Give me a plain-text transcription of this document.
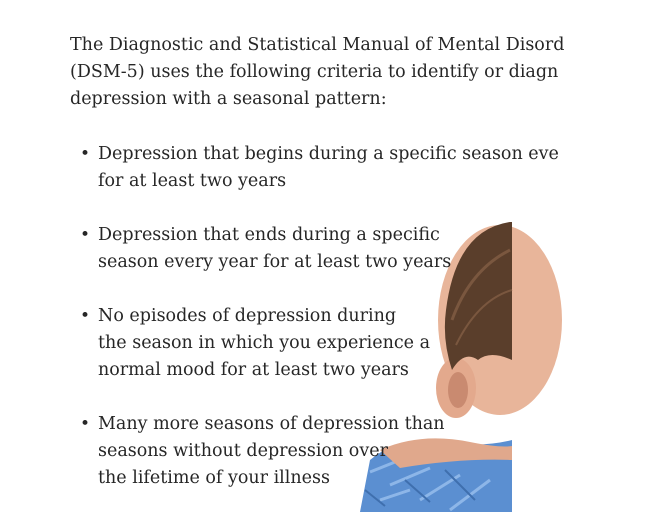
The Diagnostic and Statistical Manual of Mental Disord
(DSM-5) uses the following criteria to identify or diagn
depression with a seasonal pattern:
• Depression that begins during a specific season eve
for at least two years
• Depression that ends during a specific
season every year for at least two years
• No episodes of depression during
the season in which you experience a
normal mood for at least two years
• Many more seasons of depression than
seasons without depression over
the lifetime of your illness
